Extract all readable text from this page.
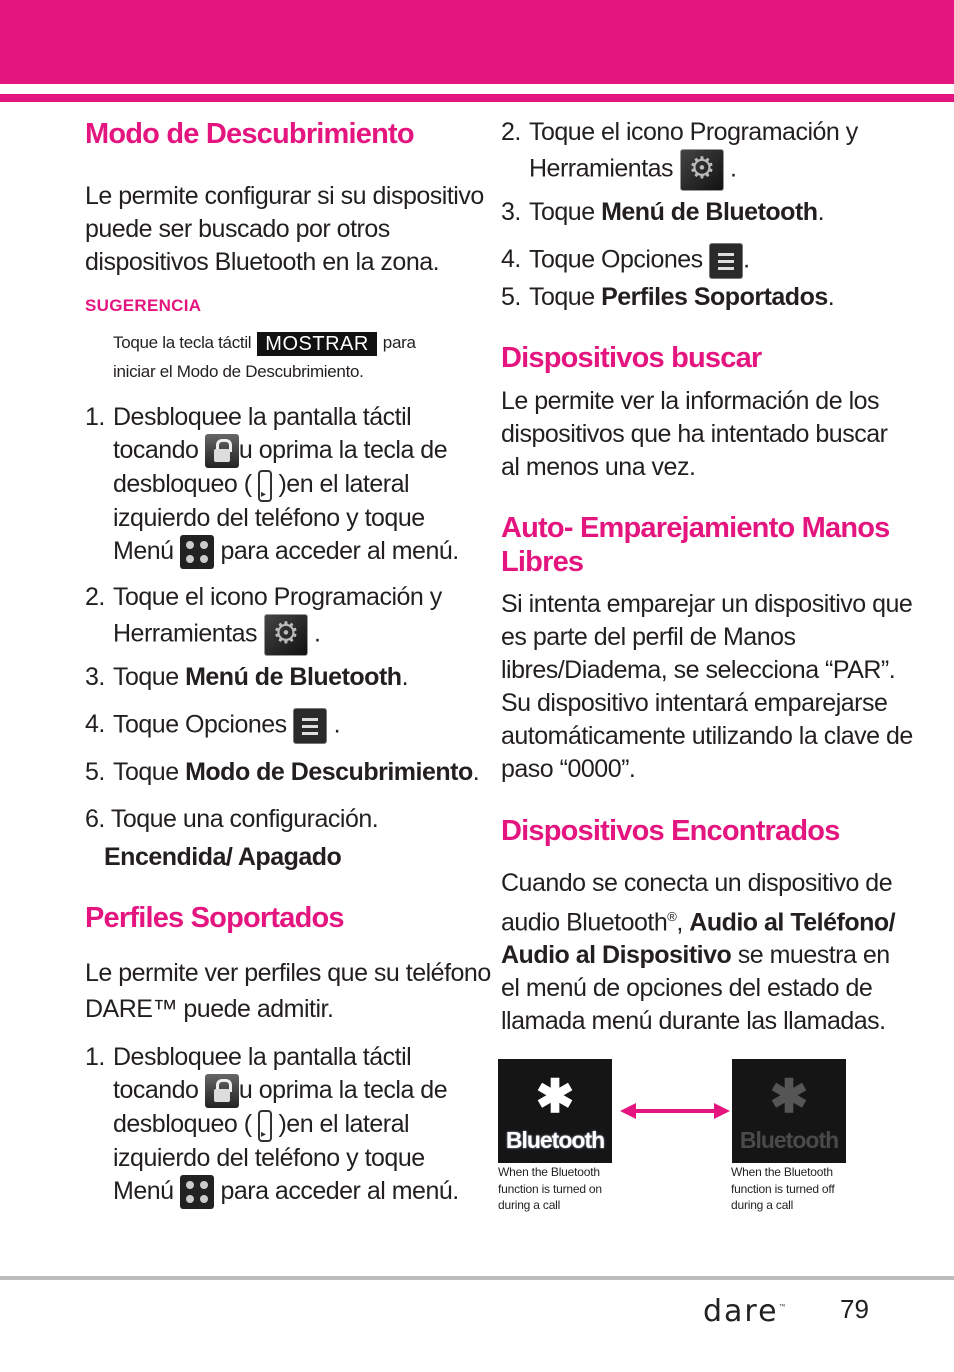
Modo de Descubrimiento
Le permite configurar si su dispositivo
puede ser buscado por otros
dispositivos Bluetooth en la zona.
SUGERENCIA
Toque la tecla táctil MOSTRAR para
iniciar el Modo de Descubrimiento.
1. Desbloquee la pantalla táctil
tocando u oprima la tecla de
desbloqueo ( ▸ )en el lateral
izquierdo del teléfono y toque
Menú para acceder al menú.
2. Toque el icono Programación y
Herramientas ⚙ .
3. Toque Menú de Bluetooth.
4. Toque Opciones .
5. Toque Modo de Descubrimiento.
6. Toque una configuración.
Encendida/ Apagado
Perfiles Soportados
Le permite ver perfiles que su teléfono
DARE™ puede admitir.
1. Desbloquee la pantalla táctil
tocando u oprima la tecla de
desbloqueo ( ▸ )en el lateral
izquierdo del teléfono y toque
Menú para acceder al menú.
2. Toque el icono Programación y
Herramientas ⚙ .
3. Toque Menú de Bluetooth.
4. Toque Opciones .
5. Toque Perfiles Soportados.
Dispositivos buscar
Le permite ver la información de los
dispositivos que ha intentado buscar
al menos una vez.
Auto- Emparejamiento Manos
Libres
Si intenta emparejar un dispositivo que
es parte del perfil de Manos
libres/Diadema, se selecciona “PAR”.
Su dispositivo intentará emparejarse
automáticamente utilizando la clave de
paso “0000”.
Dispositivos Encontrados
Cuando se conecta un dispositivo de
audio Bluetooth®, Audio al Teléfono/
Audio al Dispositivo se muestra en
el menú de opciones del estado de
llamada menú durante las llamadas.
✱
Bluetooth
✱
Bluetooth
When the Bluetooth
function is turned on
during a call
When the Bluetooth
function is turned off
during a call
dare™ 79
